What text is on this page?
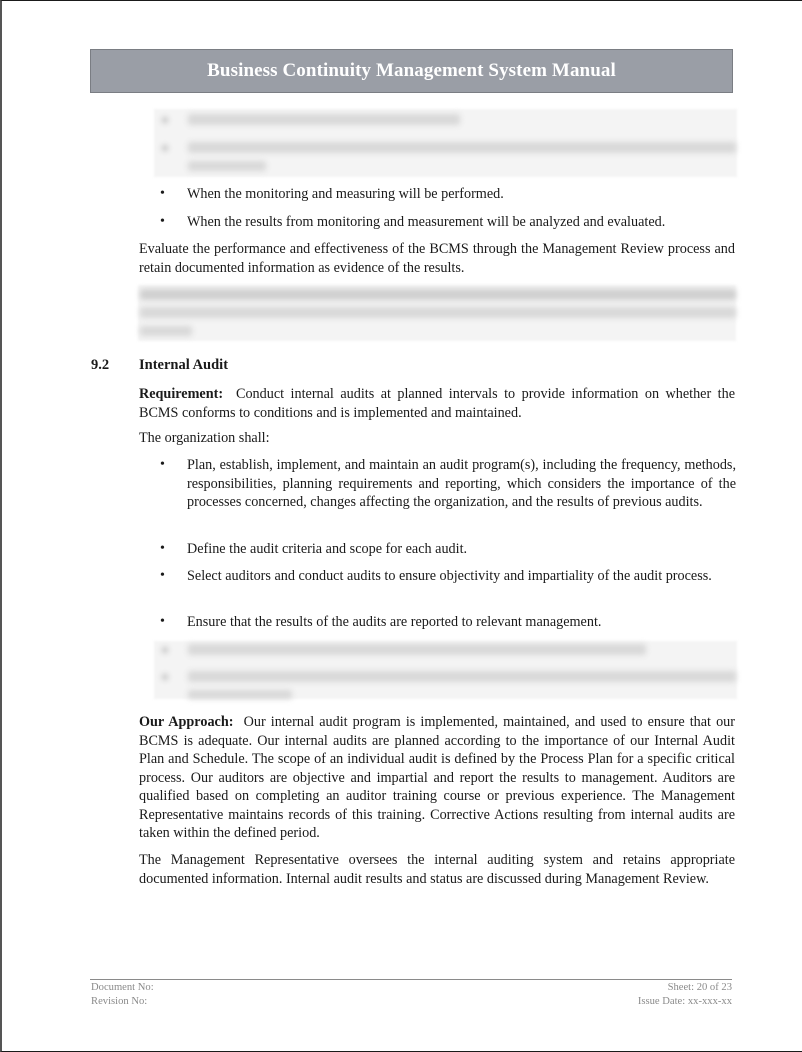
Business Continuity Management System Manual
•	When the monitoring and measuring will be performed.
•	When the results from monitoring and measurement will be analyzed and evaluated.
Evaluate the performance and effectiveness of the BCMS through the Management Review process and retain documented information as evidence of the results.
9.2 Internal Audit
Requirement: Conduct internal audits at planned intervals to provide information on whether the BCMS conforms to conditions and is implemented and maintained.
The organization shall:
•	Plan, establish, implement, and maintain an audit program(s), including the frequency, methods, responsibilities, planning requirements and reporting, which considers the importance of the processes concerned, changes affecting the organization, and the results of previous audits.
•	Define the audit criteria and scope for each audit.
•	Select auditors and conduct audits to ensure objectivity and impartiality of the audit process.
•	Ensure that the results of the audits are reported to relevant management.
Our Approach: Our internal audit program is implemented, maintained, and used to ensure that our BCMS is adequate. Our internal audits are planned according to the importance of our Internal Audit Plan and Schedule. The scope of an individual audit is defined by the Process Plan for a specific critical process. Our auditors are objective and impartial and report the results to management. Auditors are qualified based on completing an auditor training course or previous experience. The Management Representative maintains records of this training. Corrective Actions resulting from internal audits are taken within the defined period.
The Management Representative oversees the internal auditing system and retains appropriate documented information. Internal audit results and status are discussed during Management Review.
Document No:
Revision No:
Sheet: 20 of 23
Issue Date: xx-xxx-xx
